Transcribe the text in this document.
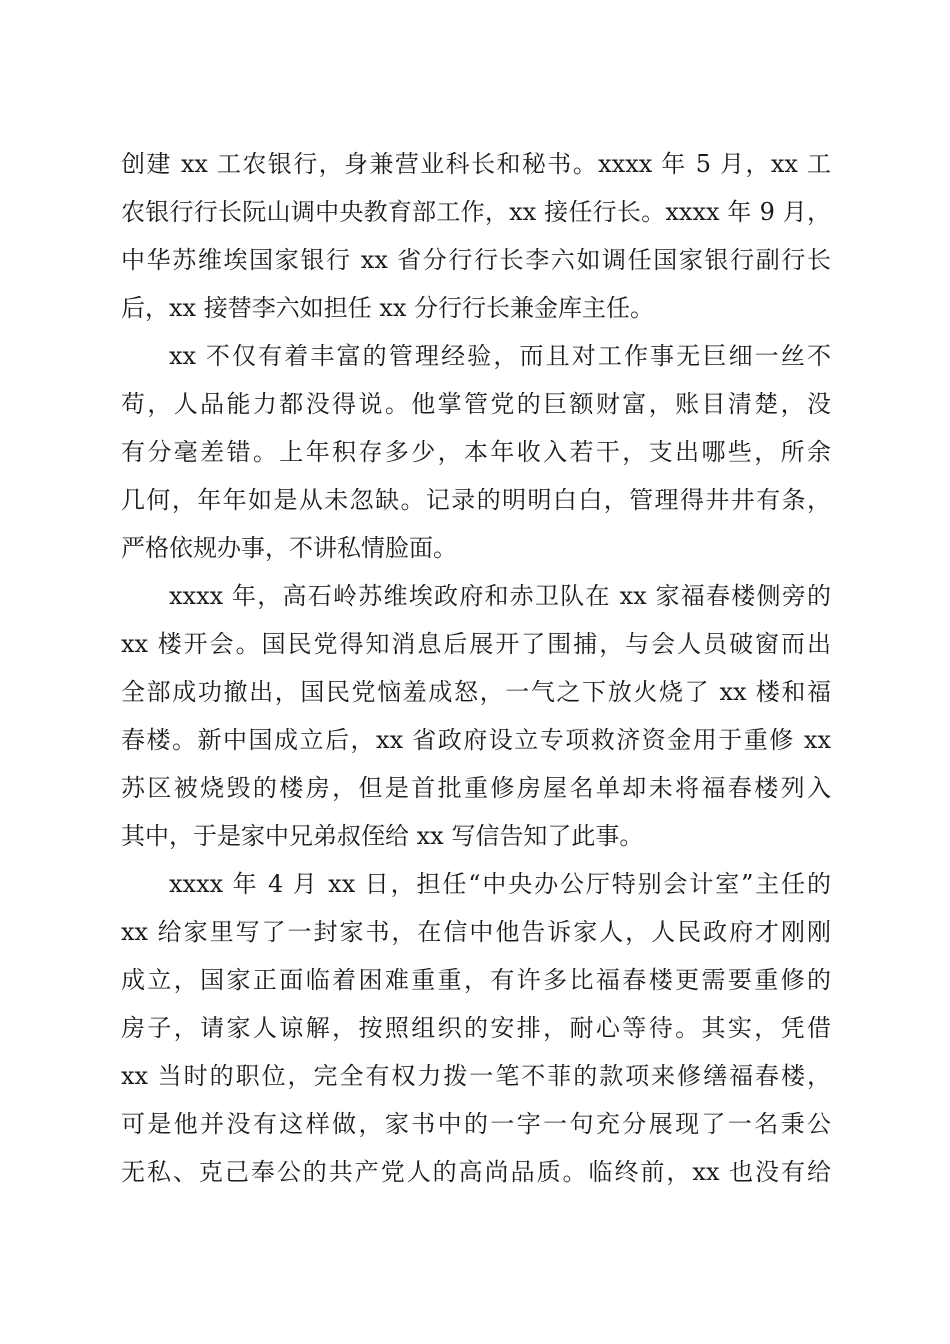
创建 xx 工农银行，身兼营业科长和秘书。xxxx 年 5 月，xx 工
农银行行长阮山调中央教育部工作，xx 接任行长。xxxx 年 9 月，
中华苏维埃国家银行 xx 省分行行长李六如调任国家银行副行长
后，xx 接替李六如担任 xx 分行行长兼金库主任。
xx 不仅有着丰富的管理经验，而且对工作事无巨细一丝不
苟，人品能力都没得说。他掌管党的巨额财富，账目清楚，没
有分毫差错。上年积存多少，本年收入若干，支出哪些，所余
几何，年年如是从未忽缺。记录的明明白白，管理得井井有条，
严格依规办事，不讲私情脸面。
xxxx 年，高石岭苏维埃政府和赤卫队在 xx 家福春楼侧旁的
xx 楼开会。国民党得知消息后展开了围捕，与会人员破窗而出
全部成功撤出，国民党恼羞成怒，一气之下放火烧了 xx 楼和福
春楼。新中国成立后，xx 省政府设立专项救济资金用于重修 xx
苏区被烧毁的楼房，但是首批重修房屋名单却未将福春楼列入
其中，于是家中兄弟叔侄给 xx 写信告知了此事。
xxxx 年 4 月 xx 日，担任“中央办公厅特别会计室”主任的
xx 给家里写了一封家书，在信中他告诉家人，人民政府才刚刚
成立，国家正面临着困难重重，有许多比福春楼更需要重修的
房子，请家人谅解，按照组织的安排，耐心等待。其实，凭借
xx 当时的职位，完全有权力拨一笔不菲的款项来修缮福春楼，
可是他并没有这样做，家书中的一字一句充分展现了一名秉公
无私、克己奉公的共产党人的高尚品质。临终前，xx 也没有给
